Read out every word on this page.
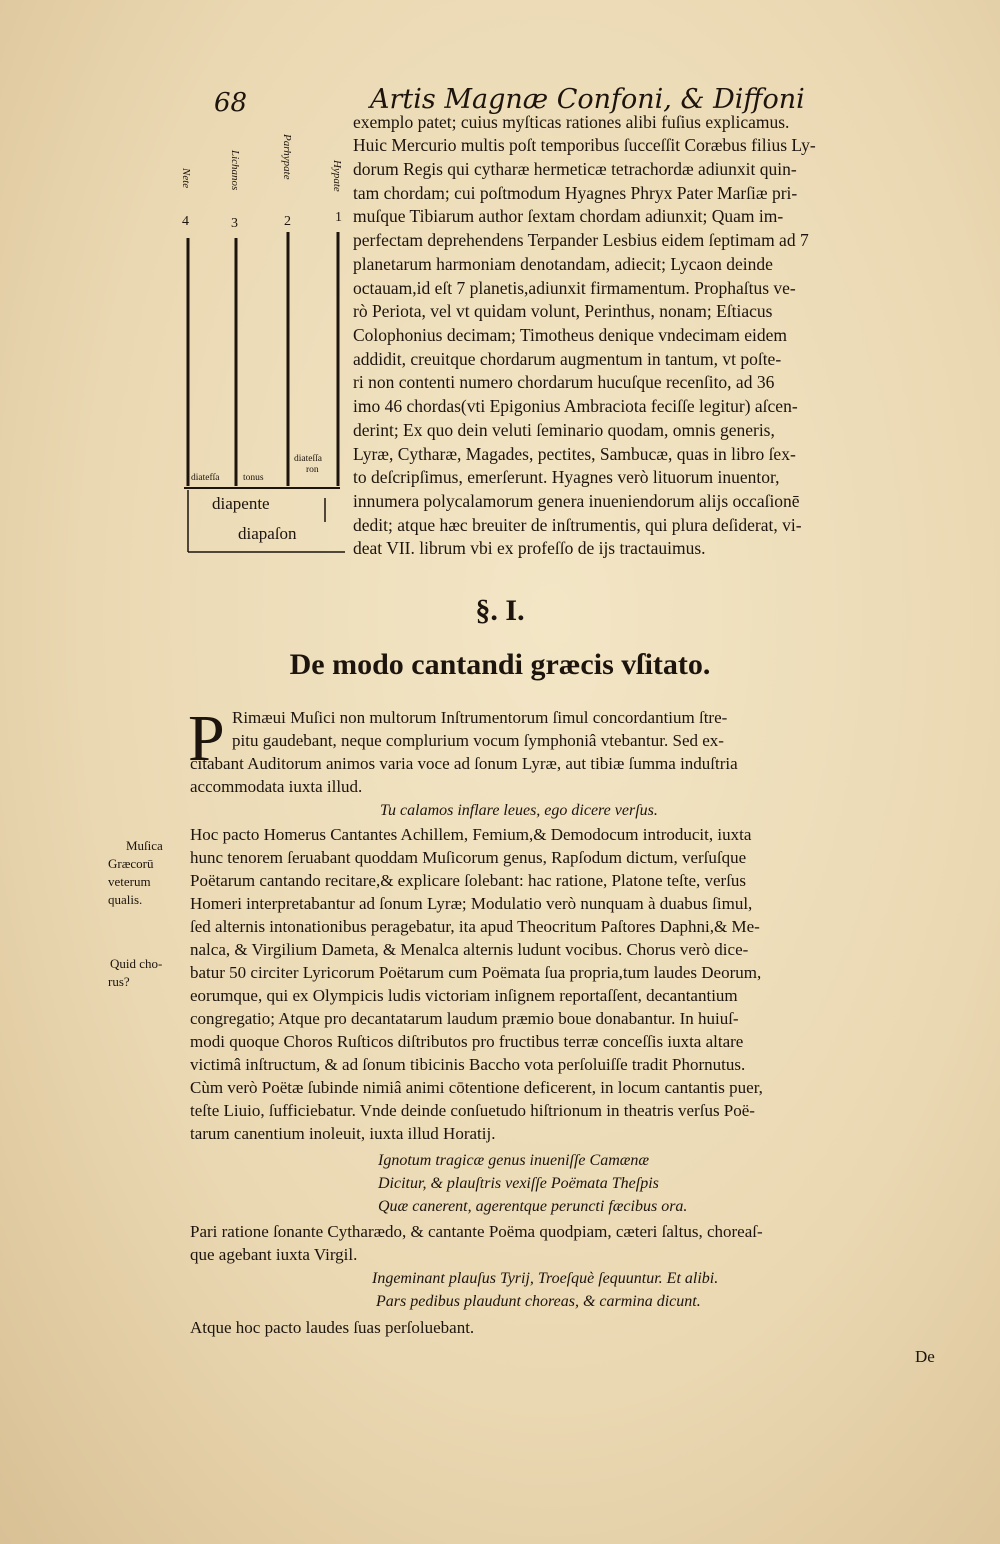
68	Artis Magnæ Confoni, & Diffoni
4	3	2	1
Nete	Lichanos	Parhypate	Hypate
diatefſa tonus
diateſſa
ron
diapente
diapaſon
exemplo patet; cuius myſticas rationes alibi fuſius explicamus.
Huic Mercurio multis poſt temporibus ſucceſſit Coræbus filius Ly-
dorum Regis qui cytharæ hermeticæ tetrachordæ adiunxit quin-
tam chordam; cui poſtmodum Hyagnes Phryx Pater Marſiæ pri-
muſque Tibiarum author ſextam chordam adiunxit; Quam im-
perfectam deprehendens Terpander Lesbius eidem ſeptimam ad 7
planetarum harmoniam denotandam, adiecit; Lycaon deinde
octauam,id eſt 7 planetis,adiunxit firmamentum. Prophaſtus ve-
rò Periota, vel vt quidam volunt, Perinthus, nonam; Eſtiacus
Colophonius decimam; Timotheus denique vndecimam eidem
addidit, creuitque chordarum augmentum in tantum, vt poſte-
ri non contenti numero chordarum hucuſque recenſito, ad 36
imo 46 chordas(vti Epigonius Ambraciota feciſſe legitur) aſcen-
derint; Ex quo dein veluti ſeminario quodam, omnis generis,
Lyræ, Cytharæ, Magades, pectites, Sambucæ, quas in libro ſex-
to deſcripſimus, emerſerunt. Hyagnes verò lituorum inuentor,
innumera polycalamorum genera inueniendorum alijs occaſionē
dedit; atque hæc breuiter de inſtrumentis, qui plura deſiderat, vi-
deat VII. librum vbi ex profeſſo de ijs tractauimus.
§. I.
De modo cantandi græcis vſitato.
P
Muſica
Græcorū
veterum
qualis.
Quid cho-
rus?
Rimæui Muſici non multorum Inſtrumentorum ſimul concordantium ſtre-
pitu gaudebant, neque complurium vocum ſymphoniâ vtebantur. Sed ex-
citabant Auditorum animos varia voce ad ſonum Lyræ, aut tibiæ ſumma induſtria
accommodata iuxta illud.
Tu calamos inflare leues, ego dicere verſus.
Hoc pacto Homerus Cantantes Achillem, Femium,& Demodocum introducit, iuxta
hunc tenorem ſeruabant quoddam Muſicorum genus, Rapſodum dictum, verſuſque
Poëtarum cantando recitare,& explicare ſolebant: hac ratione, Platone teſte, verſus
Homeri interpretabantur ad ſonum Lyræ; Modulatio verò nunquam à duabus ſimul,
ſed alternis intonationibus peragebatur, ita apud Theocritum Paſtores Daphni,& Me-
nalca, & Virgilium Dameta, & Menalca alternis ludunt vocibus. Chorus verò dice-
batur 50 circiter Lyricorum Poëtarum cum Poëmata ſua propria,tum laudes Deorum,
eorumque, qui ex Olympicis ludis victoriam inſignem reportaſſent, decantantium
congregatio; Atque pro decantatarum laudum præmio boue donabantur. In huiuſ-
modi quoque Choros Ruſticos diſtributos pro fructibus terræ conceſſis iuxta altare
victimâ inſtructum, & ad ſonum tibicinis Baccho vota perſoluiſſe tradit Phornutus.
Cùm verò Poëtæ ſubinde nimiâ animi cōtentione deficerent, in locum cantantis puer,
teſte Liuio, ſufficiebatur. Vnde deinde conſuetudo hiſtrionum in theatris verſus Poë-
tarum canentium inoleuit, iuxta illud Horatij.
Ignotum tragicæ genus inueniſſe Camænæ
Dicitur, & plauſtris vexiſſe Poëmata Theſpis
Quæ canerent, agerentque peruncti fæcibus ora.
Pari ratione ſonante Cytharædo, & cantante Poëma quodpiam, cæteri ſaltus, choreaſ-
que agebant iuxta Virgil.
Ingeminant plauſus Tyrij, Troeſquè ſequuntur. Et alibi.
Pars pedibus plaudunt choreas, & carmina dicunt.
Atque hoc pacto laudes ſuas perſoluebant.
De
